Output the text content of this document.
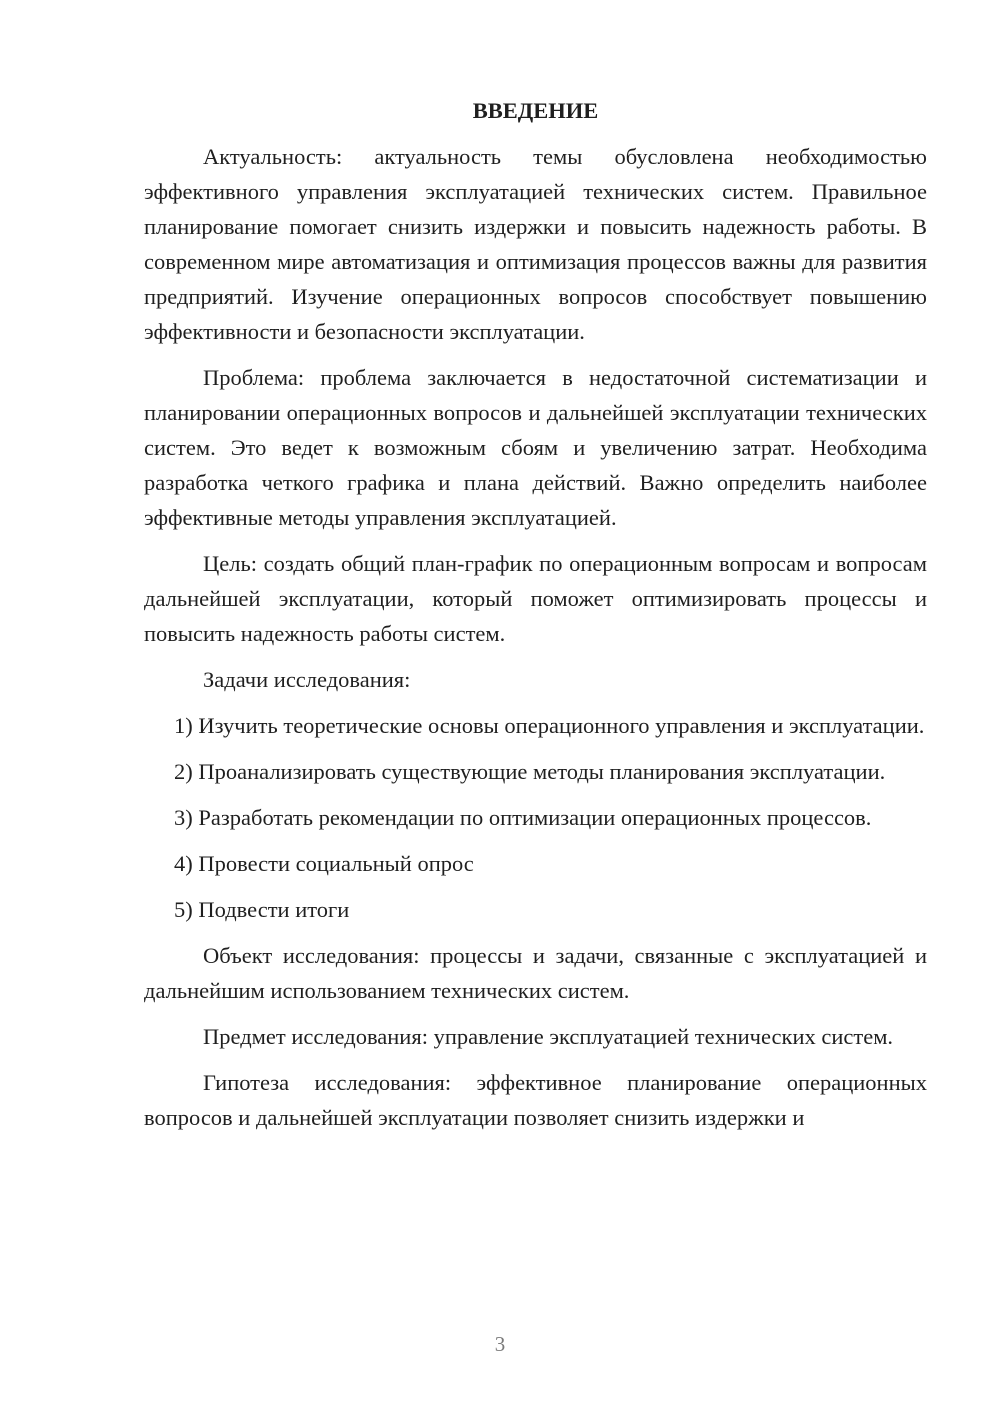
ВВЕДЕНИЕ

Актуальность: актуальность темы обусловлена необходимостью эффективного управления эксплуатацией технических систем. Правильное планирование помогает снизить издержки и повысить надежность работы. В современном мире автоматизация и оптимизация процессов важны для развития предприятий. Изучение операционных вопросов способствует повышению эффективности и безопасности эксплуатации.

Проблема: проблема заключается в недостаточной систематизации и планировании операционных вопросов и дальнейшей эксплуатации технических систем. Это ведет к возможным сбоям и увеличению затрат. Необходима разработка четкого графика и плана действий. Важно определить наиболее эффективные методы управления эксплуатацией.

Цель: создать общий план-график по операционным вопросам и вопросам дальнейшей эксплуатации, который поможет оптимизировать процессы и повысить надежность работы систем.

Задачи исследования:

1) Изучить теоретические основы операционного управления и эксплуатации.

2) Проанализировать существующие методы планирования эксплуатации.

3) Разработать рекомендации по оптимизации операционных процессов.

4) Провести социальный опрос

5) Подвести итоги

Объект исследования: процессы и задачи, связанные с эксплуатацией и дальнейшим использованием технических систем.

Предмет исследования: управление эксплуатацией технических систем.

Гипотеза исследования: эффективное планирование операционных вопросов и дальнейшей эксплуатации позволяет снизить издержки и

3
